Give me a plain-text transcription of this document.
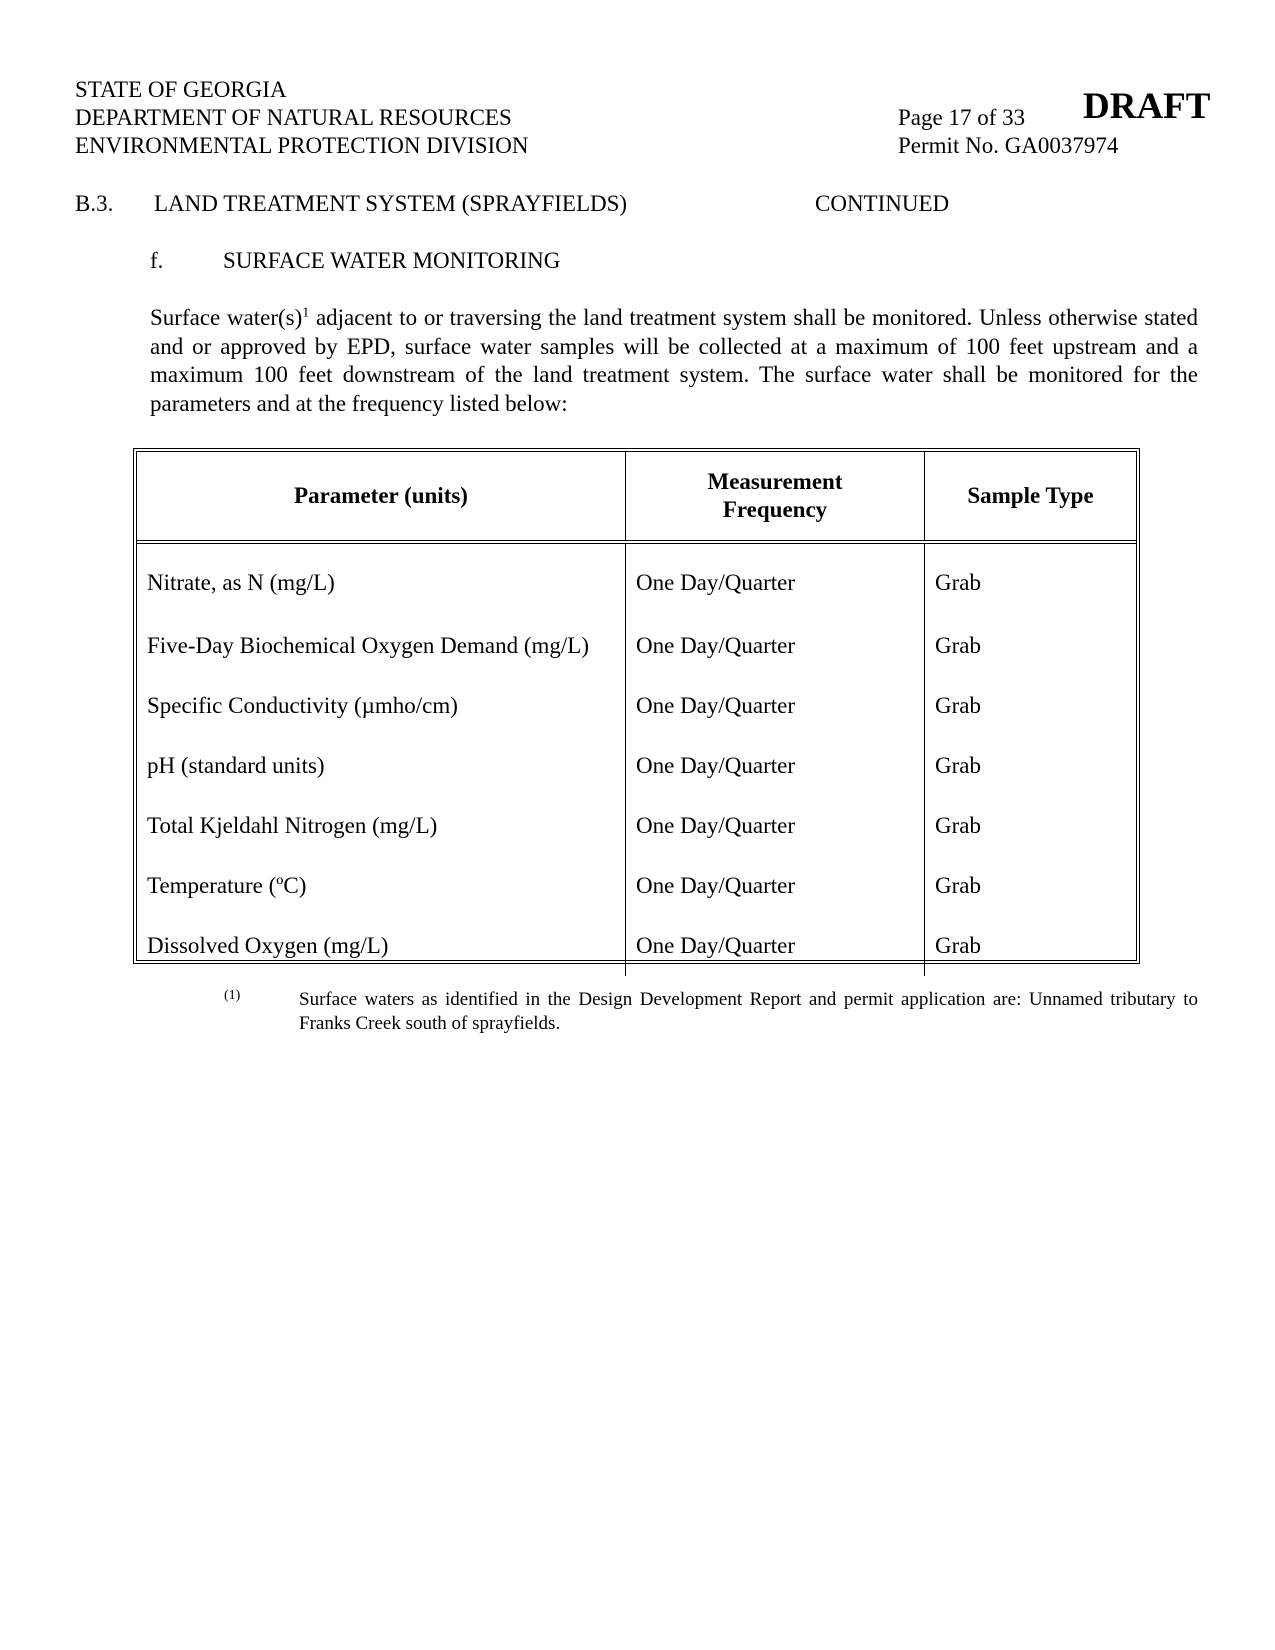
STATE OF GEORGIA
DEPARTMENT OF NATURAL RESOURCES
ENVIRONMENTAL PROTECTION DIVISION
Page 17 of 33
Permit No. GA0037974
DRAFT
B.3. LAND TREATMENT SYSTEM (SPRAYFIELDS)	CONTINUED
f.	SURFACE WATER MONITORING
Surface $water(s)^1$ adjacent to or traversing the land treatment system shall be monitored. Unless otherwise stated and or approved by EPD, surface water samples will be collected at a maximum of 100 feet upstream and a maximum 100 feet downstream of the land treatment system. The surface water shall be monitored for the parameters and at the frequency listed below:
Parameter (units)	Measurement Frequency	Sample Type
Nitrate, as N (mg/L)	One Day/Quarter	Grab
Five-Day Biochemical Oxygen Demand (mg/L)	One Day/Quarter	Grab
Specific Conductivity (µmho/cm)	One Day/Quarter	Grab
pH (standard units)	One Day/Quarter	Grab
Total Kjeldahl Nitrogen (mg/L)	One Day/Quarter	Grab
Temperature (ºC)	One Day/Quarter	Grab
Dissolved Oxygen (mg/L)	One Day/Quarter	Grab
(1)	Surface waters as identified in the Design Development Report and permit application are: Unnamed tributary to Franks Creek south of sprayfields.
